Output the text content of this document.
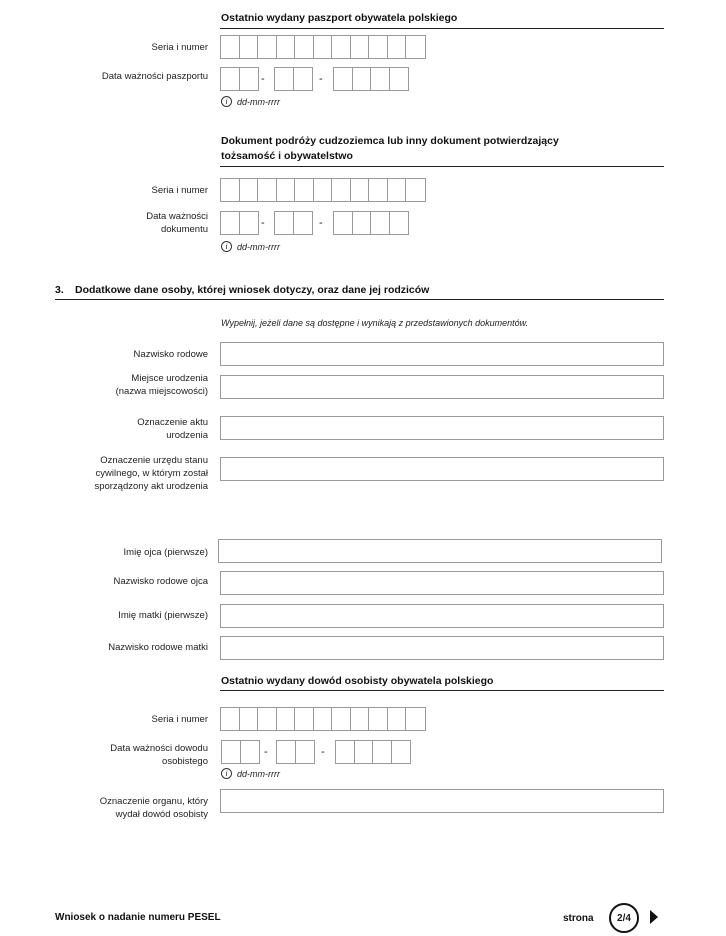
Ostatnio wydany paszport obywatela polskiego
Seria i numer
Data ważności paszportu	-	-
i	dd-mm-rrrr
Dokument podróży cudzoziemca lub inny dokument potwierdzający
tożsamość i obywatelstwo
Seria i numer
Data ważności
dokumentu
-	-
i	dd-mm-rrrr
3. Dodatkowe dane osoby, której wniosek dotyczy, oraz dane jej rodziców
Wypełnij, jeżeli dane są dostępne i wynikają z przedstawionych dokumentów.
Nazwisko rodowe
Miejsce urodzenia
(nazwa miejscowości)
Oznaczenie aktu
urodzenia
Oznaczenie urzędu stanu
cywilnego, w którym został
sporządzony akt urodzenia
Imię ojca (pierwsze)
Nazwisko rodowe ojca
Imię matki (pierwsze)
Nazwisko rodowe matki
Ostatnio wydany dowód osobisty obywatela polskiego
Seria i numer
Data ważności dowodu
osobistego
-	-
i	dd-mm-rrrr
Oznaczenie organu, który
wydał dowód osobisty
Wniosek o nadanie numeru PESEL	strona 2/4
